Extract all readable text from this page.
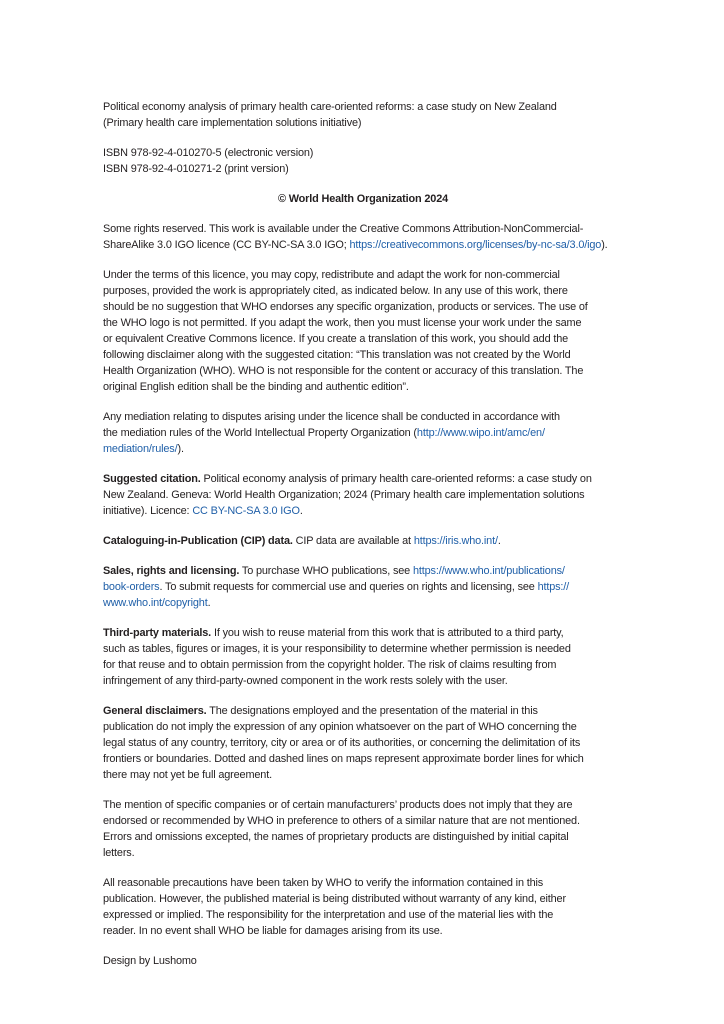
Political economy analysis of primary health care-oriented reforms: a case study on New Zealand
(Primary health care implementation solutions initiative)

ISBN 978-92-4-010270-5 (electronic version)
ISBN 978-92-4-010271-2 (print version)

© World Health Organization 2024

Some rights reserved. This work is available under the Creative Commons Attribution-NonCommercial-
ShareAlike 3.0 IGO licence (CC BY-NC-SA 3.0 IGO; https://creativecommons.org/licenses/by-nc-sa/3.0/igo).

Under the terms of this licence, you may copy, redistribute and adapt the work for non-commercial
purposes, provided the work is appropriately cited, as indicated below. In any use of this work, there
should be no suggestion that WHO endorses any specific organization, products or services. The use of
the WHO logo is not permitted. If you adapt the work, then you must license your work under the same
or equivalent Creative Commons licence. If you create a translation of this work, you should add the
following disclaimer along with the suggested citation: “This translation was not created by the World
Health Organization (WHO). WHO is not responsible for the content or accuracy of this translation. The
original English edition shall be the binding and authentic edition”.

Any mediation relating to disputes arising under the licence shall be conducted in accordance with
the mediation rules of the World Intellectual Property Organization (http://www.wipo.int/amc/en/
mediation/rules/).

Suggested citation. Political economy analysis of primary health care-oriented reforms: a case study on
New Zealand. Geneva: World Health Organization; 2024 (Primary health care implementation solutions
initiative). Licence: CC BY-NC-SA 3.0 IGO.

Cataloguing-in-Publication (CIP) data. CIP data are available at https://iris.who.int/.

Sales, rights and licensing. To purchase WHO publications, see https://www.who.int/publications/
book-orders. To submit requests for commercial use and queries on rights and licensing, see https://
www.who.int/copyright.

Third-party materials. If you wish to reuse material from this work that is attributed to a third party,
such as tables, figures or images, it is your responsibility to determine whether permission is needed
for that reuse and to obtain permission from the copyright holder. The risk of claims resulting from
infringement of any third-party-owned component in the work rests solely with the user.

General disclaimers. The designations employed and the presentation of the material in this
publication do not imply the expression of any opinion whatsoever on the part of WHO concerning the
legal status of any country, territory, city or area or of its authorities, or concerning the delimitation of its
frontiers or boundaries. Dotted and dashed lines on maps represent approximate border lines for which
there may not yet be full agreement.

The mention of specific companies or of certain manufacturers’ products does not imply that they are
endorsed or recommended by WHO in preference to others of a similar nature that are not mentioned.
Errors and omissions excepted, the names of proprietary products are distinguished by initial capital
letters.

All reasonable precautions have been taken by WHO to verify the information contained in this
publication. However, the published material is being distributed without warranty of any kind, either
expressed or implied. The responsibility for the interpretation and use of the material lies with the
reader. In no event shall WHO be liable for damages arising from its use.

Design by Lushomo
